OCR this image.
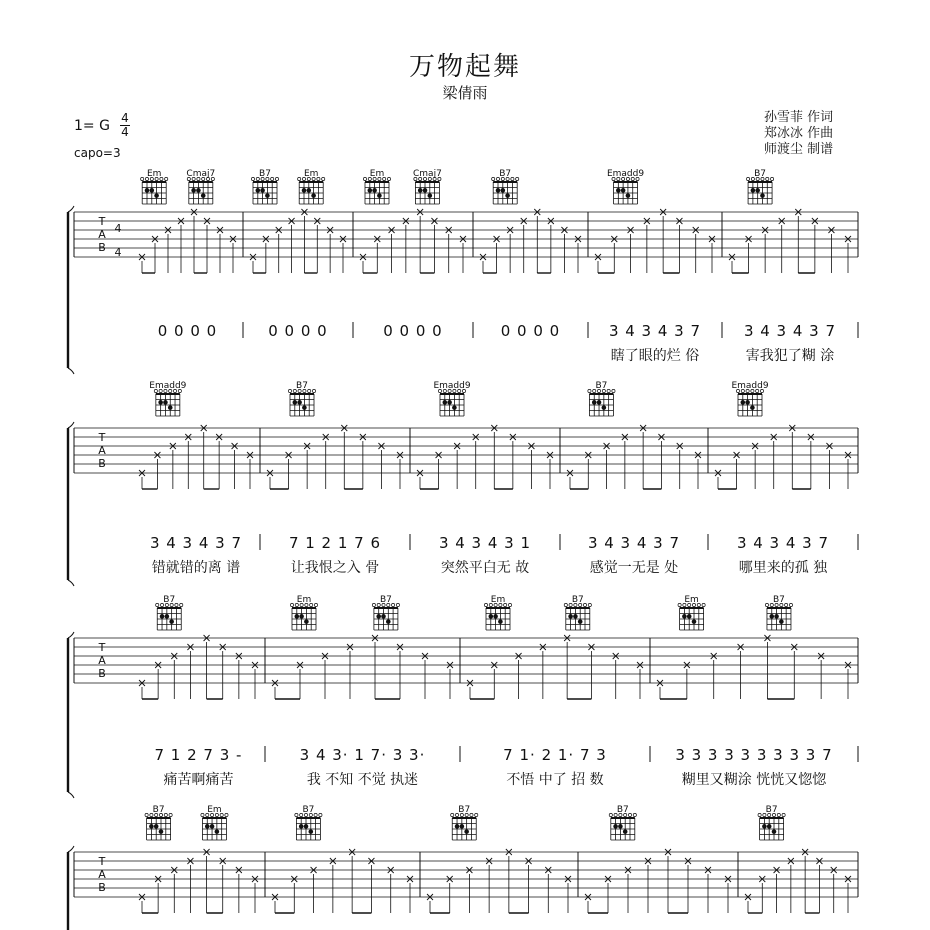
万物起舞
梁倩雨
1= G 4
4
capo=3
孙雪菲 作词
郑冰冰 作曲
师渡尘 制谱
T
A
B
4
4
Em	Cmaj7
0 0 0 0
B7	Em
0 0 0 0
Em	Cmaj7
0 0 0 0
B7
0 0 0 0
Emadd9
3 4 3 4 3 7
瞎了眼的烂 俗
B7
3 4 3 4 3 7
害我犯了糊 涂
T
A
B
Emadd9
3 4 3 4 3 7
错就错的离 谱
B7
7 1 2 1 7 6
让我恨之入 骨
Emadd9
3 4 3 4 3 1
突然平白无 故
B7
3 4 3 4 3 7
感觉一无是 处
Emadd9
3 4 3 4 3 7
哪里来的孤 独
T
A
B
B7
7 1 2 7 3 -
痛苦啊痛苦
Em	B7
3 4 3· 1 7· 3 3·
我 不知 不觉 执迷
Em	B7
7 1· 2 1· 7 3
不悟 中了 招 数
Em	B7
3 3 3 3 3 3 3 3 3 7
糊里又糊涂 恍恍又惚惚
T
A
B
B7	Em	B7	B7	B7	B7
